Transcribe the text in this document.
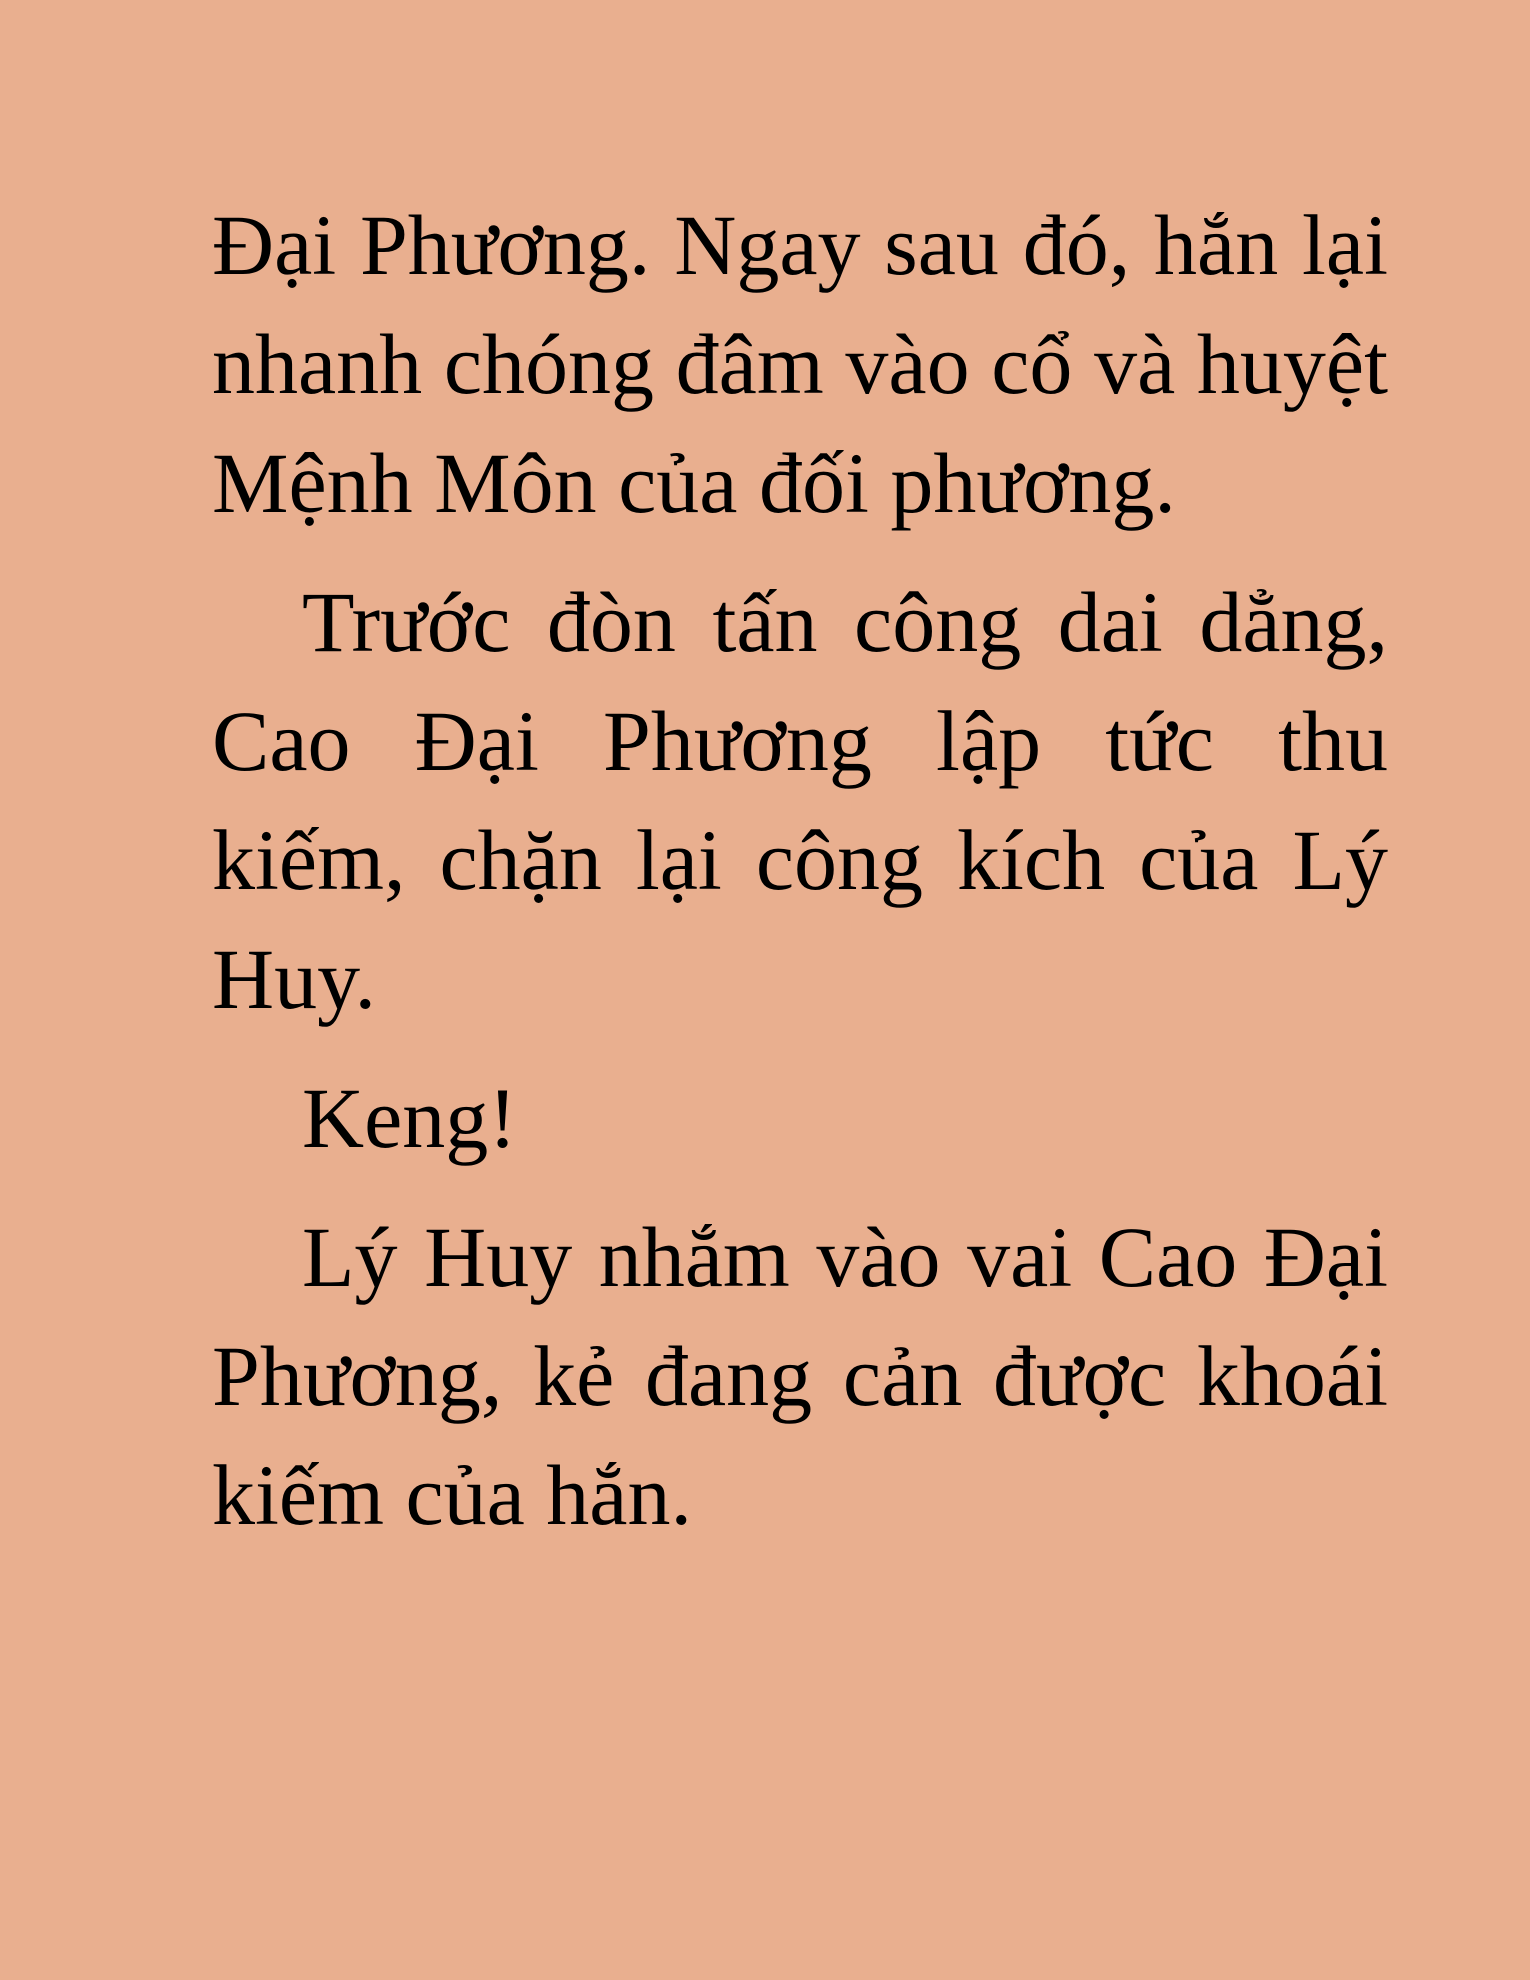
Đại Phương. Ngay sau đó, hắn lại nhanh chóng đâm vào cổ và huyệt Mệnh Môn của đối phương.

Trước đòn tấn công dai dẳng, Cao Đại Phương lập tức thu kiếm, chặn lại công kích của Lý Huy.

Keng!

Lý Huy nhắm vào vai Cao Đại Phương, kẻ đang cản được khoái kiếm của hắn.
